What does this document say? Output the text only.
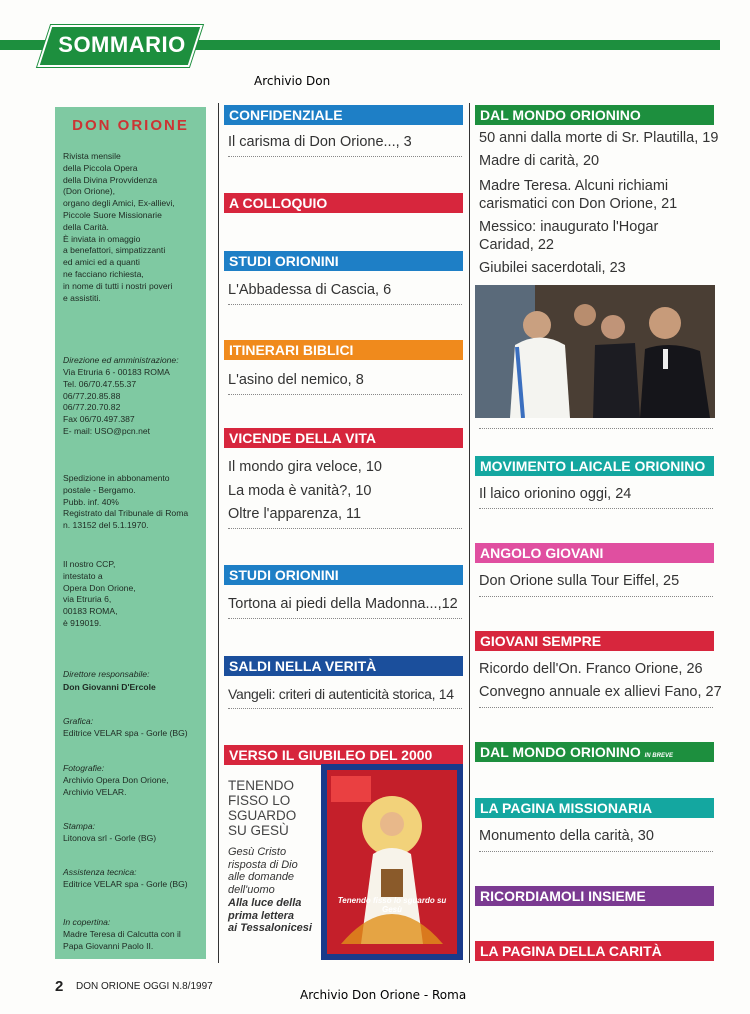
SOMMARIO
Archivio Don
DON ORIONE
Rivista mensile
della Piccola Opera
della Divina Provvidenza
(Don Orione),
organo degli Amici, Ex-allievi,
Piccole Suore Missionarie
della Carità.
È inviata in omaggio
a benefattori, simpatizzanti
ed amici ed a quanti
ne facciano richiesta,
in nome di tutti i nostri poveri
e assistiti.
Direzione ed amministrazione:
Via Etruria 6 - 00183 ROMA
Tel. 06/70.47.55.37
06/77.20.85.88
06/77.20.70.82
Fax 06/70.497.387
E- mail: USO@pcn.net
Spedizione in abbonamento
postale - Bergamo.
Pubb. inf. 40%
Registrato dal Tribunale di Roma
n. 13152 del 5.1.1970.
Il nostro CCP,
intestato a
Opera Don Orione,
via Etruria 6,
00183 ROMA,
è 919019.
Direttore responsabile:
Don Giovanni D'Ercole
Grafica:
Editrice VELAR spa - Gorle (BG)
Fotografie:
Archivio Opera Don Orione,
Archivio VELAR.
Stampa:
Litonova srl - Gorle (BG)
Assistenza tecnica:
Editrice VELAR spa - Gorle (BG)
In copertina:
Madre Teresa di Calcutta con il
Papa Giovanni Paolo II.
CONFIDENZIALE
Il carisma di Don Orione..., 3
A COLLOQUIO
STUDI ORIONINI
L'Abbadessa di Cascia, 6
ITINERARI BIBLICI
L'asino del nemico, 8
VICENDE DELLA VITA
Il mondo gira veloce, 10
La moda è vanità?, 10
Oltre l'apparenza, 11
STUDI ORIONINI
Tortona ai piedi della Madonna...,12
SALDI NELLA VERITÀ
Vangeli: criteri di autenticità storica, 14
VERSO IL GIUBILEO DEL 2000
TENENDO
FISSO LO
SGUARDO
SU GESÙ
Gesù Cristo
risposta di Dio
alle domande
dell'uomo
Alla luce della
prima lettera
ai Tessalonicesi
Tenendo fisso lo sguardo su Gesù
DAL MONDO ORIONINO
50 anni dalla morte di Sr. Plautilla, 19
Madre di carità, 20
Madre Teresa. Alcuni richiami
carismatici con Don Orione, 21
Messico: inaugurato l'Hogar
Caridad, 22
Giubilei sacerdotali, 23
MOVIMENTO LAICALE ORIONINO
Il laico orionino oggi, 24
ANGOLO GIOVANI
Don Orione sulla Tour Eiffel, 25
GIOVANI SEMPRE
Ricordo dell'On. Franco Orione, 26
Convegno annuale ex allievi Fano, 27
DAL MONDO ORIONINO IN BREVE
LA PAGINA MISSIONARIA
Monumento della carità, 30
RICORDIAMOLI INSIEME
LA PAGINA DELLA CARITÀ
2 DON ORIONE OGGI N.8/1997
Archivio Don Orione - Roma
